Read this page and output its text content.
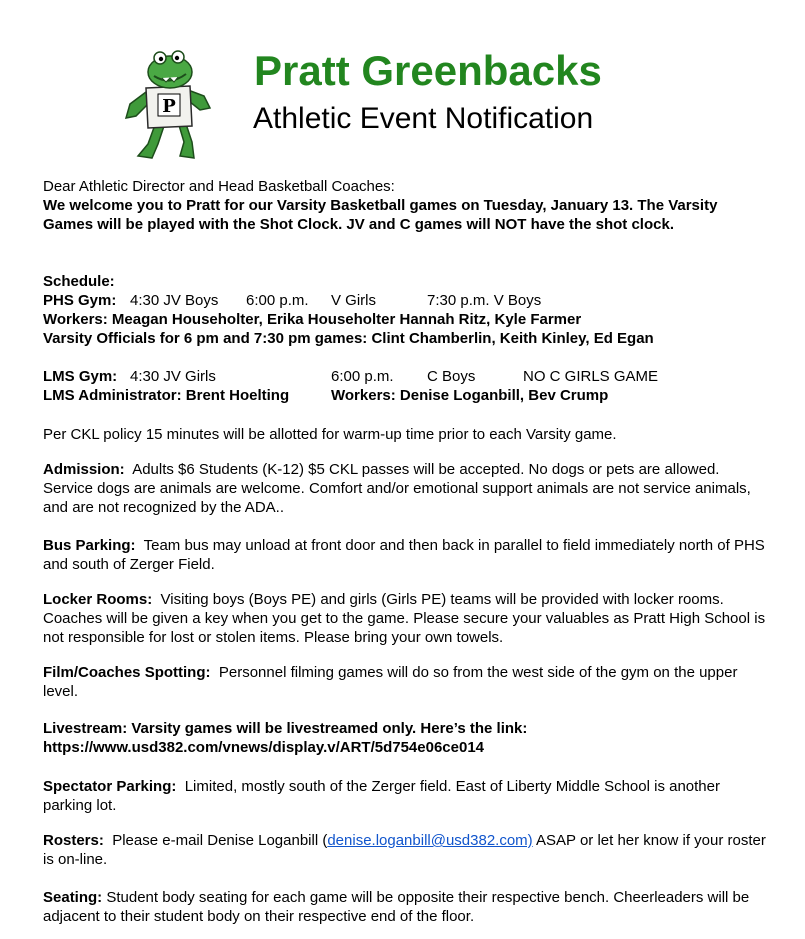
P
Pratt Greenbacks
Athletic Event Notification
Dear Athletic Director and Head Basketball Coaches:
We welcome you to Pratt for our Varsity Basketball games on Tuesday, January 13. The Varsity Games will be played with the Shot Clock. JV and C games will NOT have the shot clock.
Schedule:
PHS Gym: 4:30 JV Boys 6:00 p.m. V Girls	7:30 p.m. V Boys
Workers: Meagan Householter, Erika Householter Hannah Ritz, Kyle Farmer
Varsity Officials for 6 pm and 7:30 pm games: Clint Chamberlin, Keith Kinley, Ed Egan
LMS Gym: 4:30 JV Girls	6:00 p.m. C Boys	NO C GIRLS GAME
LMS Administrator: Brent Hoelting	Workers: Denise Loganbill, Bev Crump
Per CKL policy 15 minutes will be allotted for warm-up time prior to each Varsity game.
Admission: Adults $6 Students (K-12) $5 CKL passes will be accepted. No dogs or pets are allowed. Service dogs are animals are welcome. Comfort and/or emotional support animals are not service animals, and are not recognized by the ADA..
Bus Parking: Team bus may unload at front door and then back in parallel to field immediately north of PHS and south of Zerger Field.
Locker Rooms: Visiting boys (Boys PE) and girls (Girls PE) teams will be provided with locker rooms. Coaches will be given a key when you get to the game. Please secure your valuables as Pratt High School is not responsible for lost or stolen items. Please bring your own towels.
Film/Coaches Spotting: Personnel filming games will do so from the west side of the gym on the upper level.
Livestream: Varsity games will be livestreamed only. Here’s the link:
https://www.usd382.com/vnews/display.v/ART/5d754e06ce014
Spectator Parking: Limited, mostly south of the Zerger field. East of Liberty Middle School is another parking lot.
Rosters: Please e-mail Denise Loganbill (denise.loganbill@usd382.com) ASAP or let her know if your roster is on-line.
Seating: Student body seating for each game will be opposite their respective bench. Cheerleaders will be adjacent to their student body on their respective end of the floor.
